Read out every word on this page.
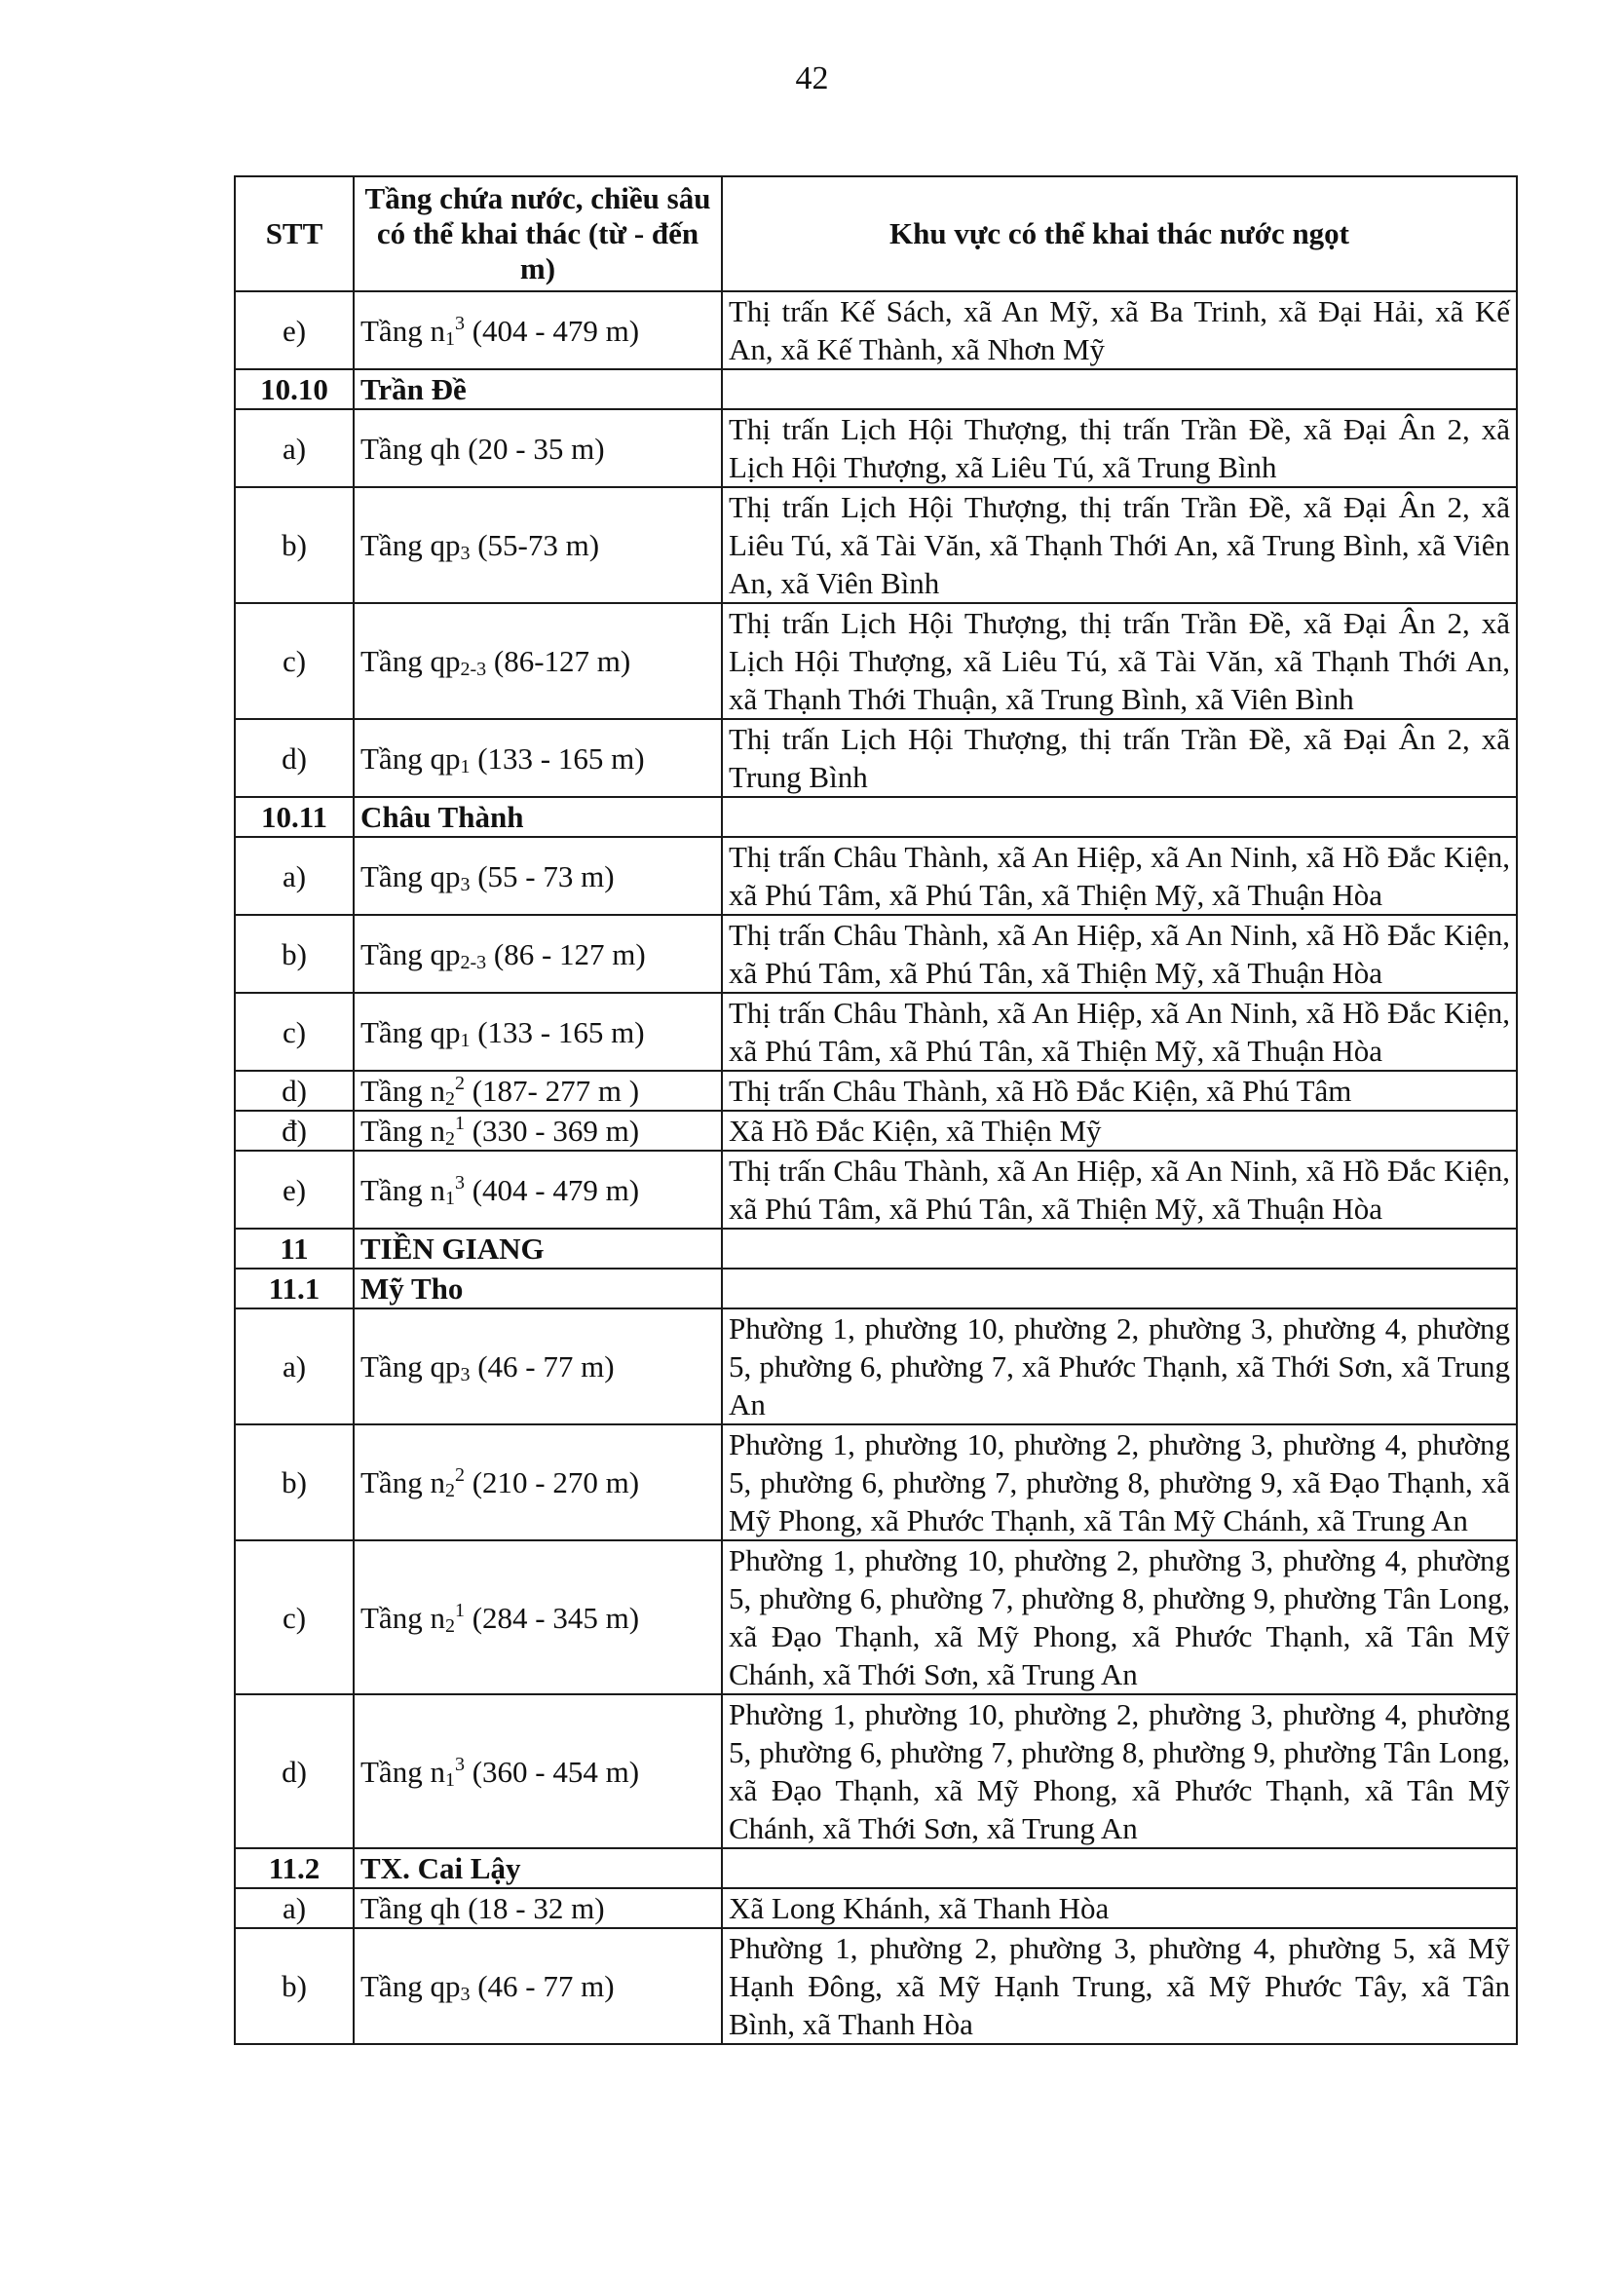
42
STT	Tầng chứa nước, chiều sâu có thể khai thác (từ - đến m)	Khu vực có thể khai thác nước ngọt
e)	Tầng $n_1^3$ (404 - 479 m)	Thị trấn Kế Sách, xã An Mỹ, xã Ba Trinh, xã Đại Hải, xã Kế An, xã Kế Thành, xã Nhơn Mỹ
10.10	Trần Đề	
a)	Tầng qh (20 - 35 m)	Thị trấn Lịch Hội Thượng, thị trấn Trần Đề, xã Đại Ân 2, xã Lịch Hội Thượng, xã Liêu Tú, xã Trung Bình
b)	Tầng $qp_3$ (55-73 m)	Thị trấn Lịch Hội Thượng, thị trấn Trần Đề, xã Đại Ân 2, xã Liêu Tú, xã Tài Văn, xã Thạnh Thới An, xã Trung Bình, xã Viên An, xã Viên Bình
c)	Tầng $qp_{2-3}$ (86-127 m)	Thị trấn Lịch Hội Thượng, thị trấn Trần Đề, xã Đại Ân 2, xã Lịch Hội Thượng, xã Liêu Tú, xã Tài Văn, xã Thạnh Thới An, xã Thạnh Thới Thuận, xã Trung Bình, xã Viên Bình
d)	Tầng $qp_1$ (133 - 165 m)	Thị trấn Lịch Hội Thượng, thị trấn Trần Đề, xã Đại Ân 2, xã Trung Bình
10.11	Châu Thành	
a)	Tầng $qp_3$ (55 - 73 m)	Thị trấn Châu Thành, xã An Hiệp, xã An Ninh, xã Hồ Đắc Kiện, xã Phú Tâm, xã Phú Tân, xã Thiện Mỹ, xã Thuận Hòa
b)	Tầng $qp_{2-3}$ (86 - 127 m)	Thị trấn Châu Thành, xã An Hiệp, xã An Ninh, xã Hồ Đắc Kiện, xã Phú Tâm, xã Phú Tân, xã Thiện Mỹ, xã Thuận Hòa
c)	Tầng $qp_1$ (133 - 165 m)	Thị trấn Châu Thành, xã An Hiệp, xã An Ninh, xã Hồ Đắc Kiện, xã Phú Tâm, xã Phú Tân, xã Thiện Mỹ, xã Thuận Hòa
d)	Tầng $n_2^2$ (187- 277 m )	Thị trấn Châu Thành, xã Hồ Đắc Kiện, xã Phú Tâm
đ)	Tầng $n_2^1$ (330 - 369 m)	Xã Hồ Đắc Kiện, xã Thiện Mỹ
e)	Tầng $n_1^3$ (404 - 479 m)	Thị trấn Châu Thành, xã An Hiệp, xã An Ninh, xã Hồ Đắc Kiện, xã Phú Tâm, xã Phú Tân, xã Thiện Mỹ, xã Thuận Hòa
11	TIỀN GIANG	
11.1	Mỹ Tho	
a)	Tầng $qp_3$ (46 - 77 m)	Phường 1, phường 10, phường 2, phường 3, phường 4, phường 5, phường 6, phường 7, xã Phước Thạnh, xã Thới Sơn, xã Trung An
b)	Tầng $n_2^2$ (210 - 270 m)	Phường 1, phường 10, phường 2, phường 3, phường 4, phường 5, phường 6, phường 7, phường 8, phường 9, xã Đạo Thạnh, xã Mỹ Phong, xã Phước Thạnh, xã Tân Mỹ Chánh, xã Trung An
c)	Tầng $n_2^1$ (284 - 345 m)	Phường 1, phường 10, phường 2, phường 3, phường 4, phường 5, phường 6, phường 7, phường 8, phường 9, phường Tân Long, xã Đạo Thạnh, xã Mỹ Phong, xã Phước Thạnh, xã Tân Mỹ Chánh, xã Thới Sơn, xã Trung An
d)	Tầng $n_1^3$ (360 - 454 m)	Phường 1, phường 10, phường 2, phường 3, phường 4, phường 5, phường 6, phường 7, phường 8, phường 9, phường Tân Long, xã Đạo Thạnh, xã Mỹ Phong, xã Phước Thạnh, xã Tân Mỹ Chánh, xã Thới Sơn, xã Trung An
11.2	TX. Cai Lậy	
a)	Tầng qh (18 - 32 m)	Xã Long Khánh, xã Thanh Hòa
b)	Tầng $qp_3$ (46 - 77 m)	Phường 1, phường 2, phường 3, phường 4, phường 5, xã Mỹ Hạnh Đông, xã Mỹ Hạnh Trung, xã Mỹ Phước Tây, xã Tân Bình, xã Thanh Hòa
